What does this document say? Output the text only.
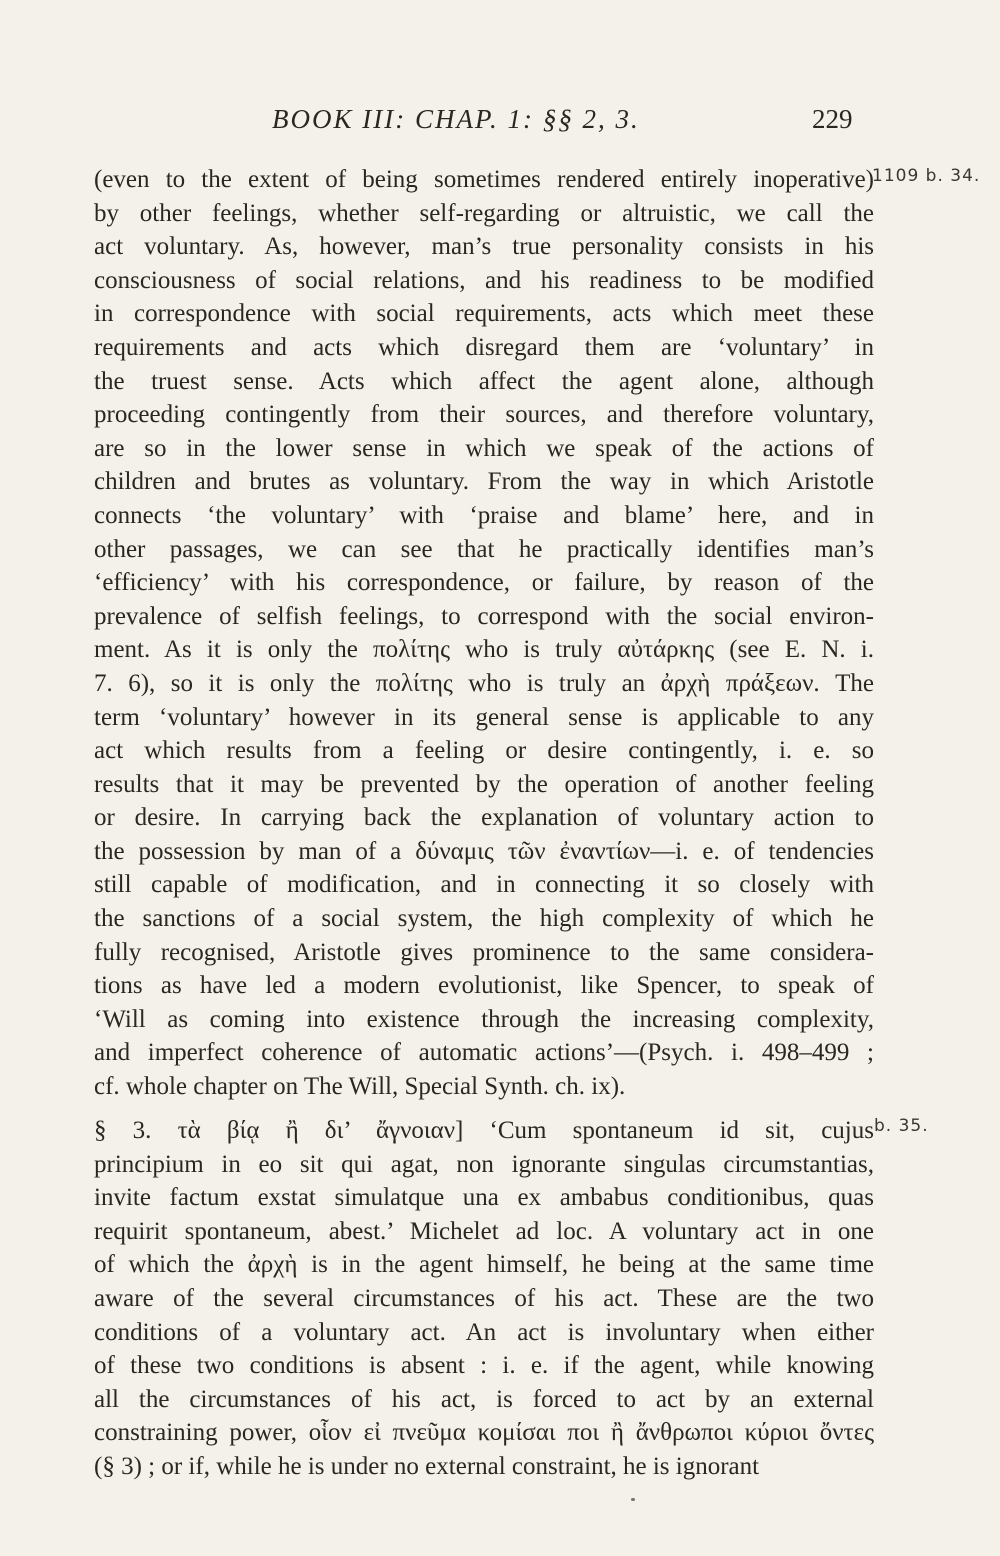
BOOK III: CHAP. 1: §§ 2, 3.	229
1109 b. 34.
b. 35.
(even to the extent of being sometimes rendered entirely inoperative)
by other feelings, whether self-regarding or altruistic, we call the
act voluntary. As, however, man’s true personality consists in his
consciousness of social relations, and his readiness to be modified
in correspondence with social requirements, acts which meet these
requirements and acts which disregard them are ‘voluntary’ in
the truest sense. Acts which affect the agent alone, although
proceeding contingently from their sources, and therefore voluntary,
are so in the lower sense in which we speak of the actions of
children and brutes as voluntary. From the way in which Aristotle
connects ‘the voluntary’ with ‘praise and blame’ here, and in
other passages, we can see that he practically identifies man’s
‘efficiency’ with his correspondence, or failure, by reason of the
prevalence of selfish feelings, to correspond with the social environ-
ment. As it is only the πολίτης who is truly αὐτάρκης (see E. N. i.
7. 6), so it is only the πολίτης who is truly an ἀρχὴ πράξεων. The
term ‘voluntary’ however in its general sense is applicable to any
act which results from a feeling or desire contingently, i. e. so
results that it may be prevented by the operation of another feeling
or desire. In carrying back the explanation of voluntary action to
the possession by man of a δύναμις τῶν ἐναντίων—i. e. of tendencies
still capable of modification, and in connecting it so closely with
the sanctions of a social system, the high complexity of which he
fully recognised, Aristotle gives prominence to the same considera-
tions as have led a modern evolutionist, like Spencer, to speak of
‘Will as coming into existence through the increasing complexity,
and imperfect coherence of automatic actions’—(Psych. i. 498–499 ;
cf. whole chapter on The Will, Special Synth. ch. ix).
§ 3. τὰ βίᾳ ἢ δι’ ἄγνοιαν] ‘Cum spontaneum id sit, cujus
principium in eo sit qui agat, non ignorante singulas circumstantias,
invite factum exstat simulatque una ex ambabus conditionibus, quas
requirit spontaneum, abest.’ Michelet ad loc. A voluntary act in one
of which the ἀρχὴ is in the agent himself, he being at the same time
aware of the several circumstances of his act. These are the two
conditions of a voluntary act. An act is involuntary when either
of these two conditions is absent : i. e. if the agent, while knowing
all the circumstances of his act, is forced to act by an external
constraining power, οἷον εἰ πνεῦμα κομίσαι ποι ἢ ἄνθρωποι κύριοι ὄντες
(§ 3) ; or if, while he is under no external constraint, he is ignorant
